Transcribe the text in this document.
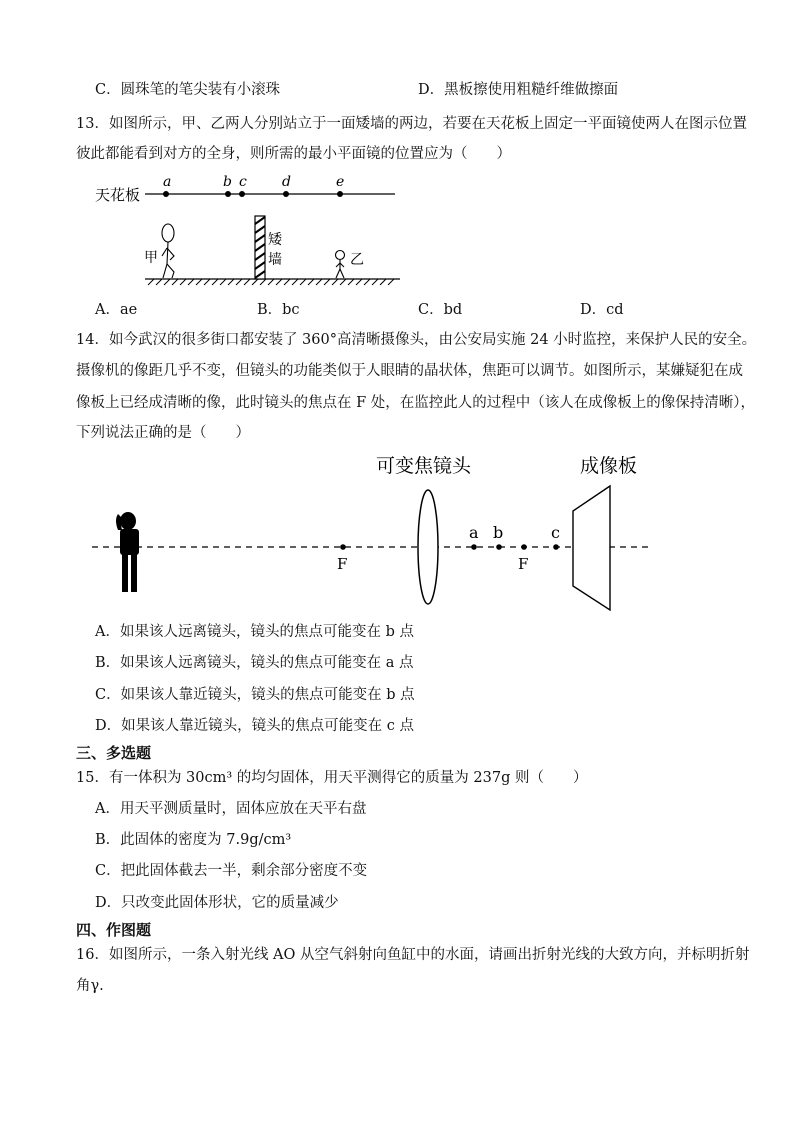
C．圆珠笔的笔尖装有小滚珠	D．黑板擦使用粗糙纤维做擦面
13．如图所示，甲、乙两人分别站立于一面矮墙的两边，若要在天花板上固定一平面镜使两人在图示位置
彼此都能看到对方的全身，则所需的最小平面镜的位置应为（　　）
天花板
a	b c	d	e
矮
墙
甲	乙
A．ae	B．bc	C．bd	D．cd
14．如今武汉的很多街口都安装了 360°高清晰摄像头，由公安局实施 24 小时监控，来保护人民的安全。
摄像机的像距几乎不变，但镜头的功能类似于人眼睛的晶状体，焦距可以调节。如图所示，某嫌疑犯在成
像板上已经成清晰的像，此时镜头的焦点在 F 处，在监控此人的过程中（该人在成像板上的像保持清晰），
下列说法正确的是（　　）
可变焦镜头	成像板
F
a b
F
c
A．如果该人远离镜头，镜头的焦点可能变在 b 点
B．如果该人远离镜头，镜头的焦点可能变在 a 点
C．如果该人靠近镜头，镜头的焦点可能变在 b 点
D．如果该人靠近镜头，镜头的焦点可能变在 c 点
三、多选题
15．有一体积为 30cm³ 的均匀固体，用天平测得它的质量为 237g 则（　　）
A．用天平测质量时，固体应放在天平右盘
B．此固体的密度为 7.9g/cm³
C．把此固体截去一半，剩余部分密度不变
D．只改变此固体形状，它的质量减少
四、作图题
16．如图所示，一条入射光线 AO 从空气斜射向鱼缸中的水面，请画出折射光线的大致方向，并标明折射
角γ.
